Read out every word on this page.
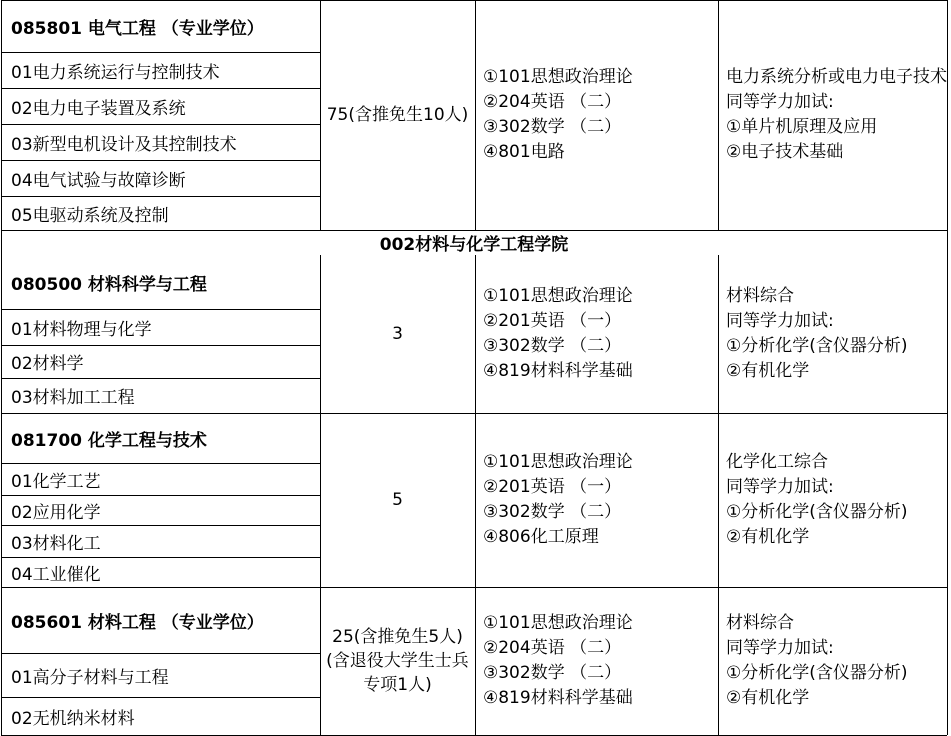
085801 电气工程 （专业学位）
01电力系统运行与控制技术
02电力电子装置及系统
03新型电机设计及其控制技术
04电气试验与故障诊断
05电驱动系统及控制
75(含推免生10人)
①101思想政治理论
②204英语 （二）
③302数学 （二）
④801电路
电力系统分析或电力电子技术
同等学力加试:
①单片机原理及应用
②电子技术基础
080500 材料科学与工程
01材料物理与化学
02材料学
03材料加工工程
3
①101思想政治理论
②201英语 （一）
③302数学 （二）
④819材料科学基础
材料综合
同等学力加试:
①分析化学(含仪器分析)
②有机化学
081700 化学工程与技术
01化学工艺
02应用化学
03材料化工
04工业催化
5
①101思想政治理论
②201英语 （一）
③302数学 （二）
④806化工原理
化学化工综合
同等学力加试:
①分析化学(含仪器分析)
②有机化学
085601 材料工程 （专业学位）
01高分子材料与工程
02无机纳米材料
25(含推免生5人)(含退役大学生士兵专项1人)
①101思想政治理论
②204英语 （二）
③302数学 （二）
④819材料科学基础
材料综合
同等学力加试:
①分析化学(含仪器分析)
②有机化学
002材料与化学工程学院
